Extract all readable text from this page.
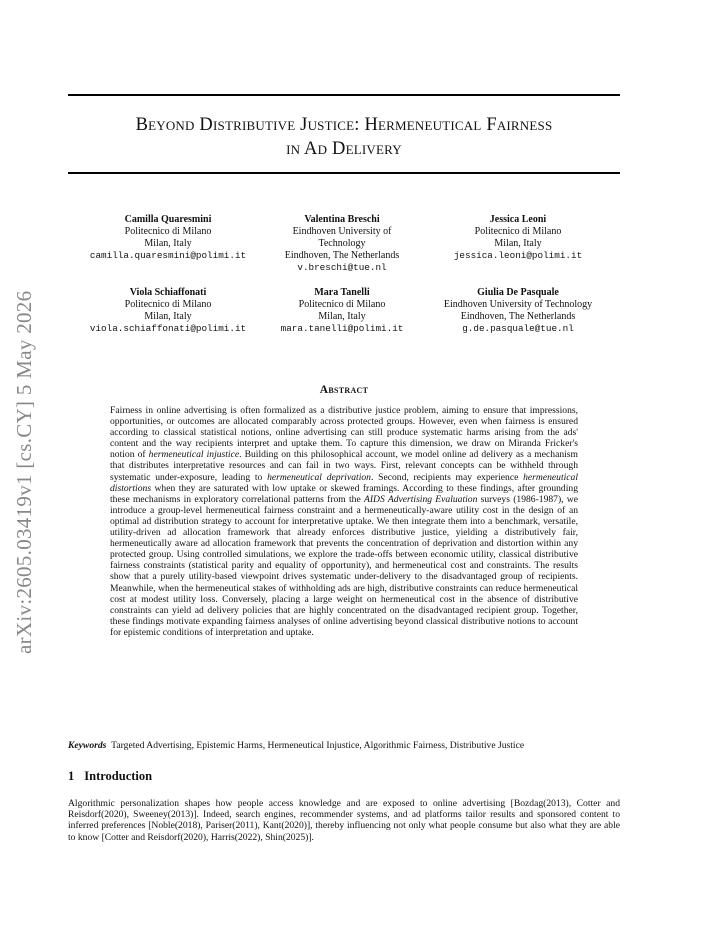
arXiv:2605.03419v1 [cs.CY] 5 May 2026
Beyond Distributive Justice: Hermeneutical Fairness
in Ad Delivery
Camilla Quaresmini
Politecnico di Milano
Milan, Italy
camilla.quaresmini@polimi.it
Valentina Breschi
Eindhoven University of Technology
Eindhoven, The Netherlands
v.breschi@tue.nl
Jessica Leoni
Politecnico di Milano
Milan, Italy
jessica.leoni@polimi.it
Viola Schiaffonati
Politecnico di Milano
Milan, Italy
viola.schiaffonati@polimi.it
Mara Tanelli
Politecnico di Milano
Milan, Italy
mara.tanelli@polimi.it
Giulia De Pasquale
Eindhoven University of Technology
Eindhoven, The Netherlands
g.de.pasquale@tue.nl
Abstract
Fairness in online advertising is often formalized as a distributive justice problem, aiming to ensure that impressions, opportunities, or outcomes are allocated comparably across protected groups. However, even when fairness is ensured according to classical statistical notions, online advertising can still produce systematic harms arising from the ads' content and the way recipients interpret and uptake them. To capture this dimension, we draw on Miranda Fricker's notion of hermeneutical injustice. Building on this philosophical account, we model online ad delivery as a mechanism that distributes interpretative resources and can fail in two ways. First, relevant concepts can be withheld through systematic under-exposure, leading to hermeneutical deprivation. Second, recipients may experience hermeneutical distortions when they are saturated with low uptake or skewed framings. According to these findings, after grounding these mechanisms in exploratory correlational patterns from the AIDS Advertising Evaluation surveys (1986-1987), we introduce a group-level hermeneutical fairness constraint and a hermeneutically-aware utility cost in the design of an optimal ad distribution strategy to account for interpretative uptake. We then integrate them into a benchmark, versatile, utility-driven ad allocation framework that already enforces distributive justice, yielding a distributively fair, hermeneutically aware ad allocation framework that prevents the concentration of deprivation and distortion within any protected group. Using controlled simulations, we explore the trade-offs between economic utility, classical distributive fairness constraints (statistical parity and equality of opportunity), and hermeneutical cost and constraints. The results show that a purely utility-based viewpoint drives systematic under-delivery to the disadvantaged group of recipients. Meanwhile, when the hermeneutical stakes of withholding ads are high, distributive constraints can reduce hermeneutical cost at modest utility loss. Conversely, placing a large weight on hermeneutical cost in the absence of distributive constraints can yield ad delivery policies that are highly concentrated on the disadvantaged recipient group. Together, these findings motivate expanding fairness analyses of online advertising beyond classical distributive notions to account for epistemic conditions of interpretation and uptake.
Keywords Targeted Advertising, Epistemic Harms, Hermeneutical Injustice, Algorithmic Fairness, Distributive Justice
1 Introduction
Algorithmic personalization shapes how people access knowledge and are exposed to online advertising [Bozdag(2013), Cotter and Reisdorf(2020), Sweeney(2013)]. Indeed, search engines, recommender systems, and ad platforms tailor results and sponsored content to inferred preferences [Noble(2018), Pariser(2011), Kant(2020)], thereby influencing not only what people consume but also what they are able to know [Cotter and Reisdorf(2020), Harris(2022), Shin(2025)].
